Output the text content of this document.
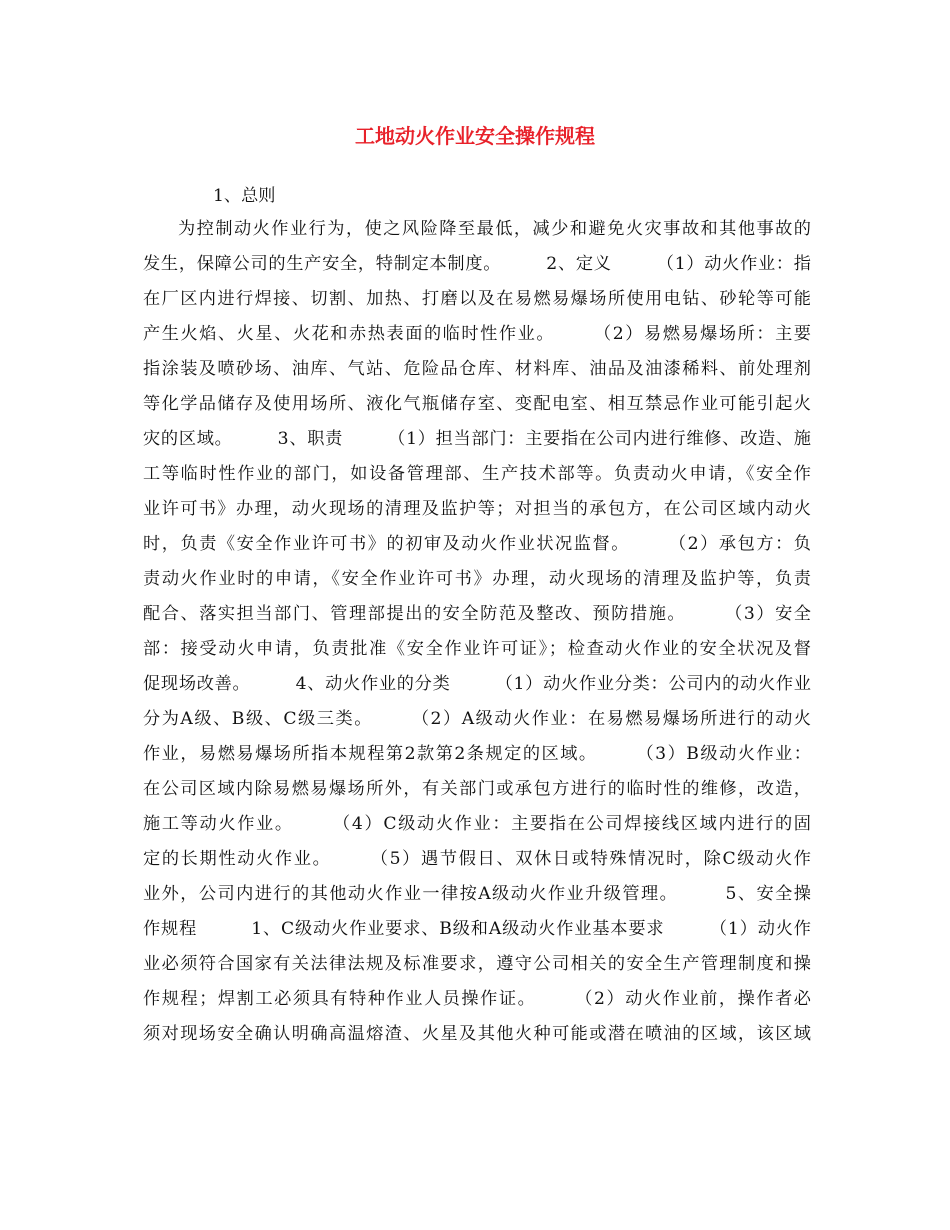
工地动火作业安全操作规程

1、总则

为控制动火作业行为，使之风险降至最低，减少和避免火灾事故和其他事故的

发生，保障公司的生产安全，特制定本制度。　　　2、定义　　　（1）动火作业：指

在厂区内进行焊接、切割、加热、打磨以及在易燃易爆场所使用电钻、砂轮等可能

产生火焰、火星、火花和赤热表面的临时性作业。　　　（2）易燃易爆场所：主要

指涂装及喷砂场、油库、气站、危险品仓库、材料库、油品及油漆稀料、前处理剂

等化学品储存及使用场所、液化气瓶储存室、变配电室、相互禁忌作业可能引起火

灾的区域。　　　3、职责　　　（1）担当部门：主要指在公司内进行维修、改造、施

工等临时性作业的部门，如设备管理部、生产技术部等。负责动火申请，《安全作

业许可书》办理，动火现场的清理及监护等；对担当的承包方，在公司区域内动火

时，负责《安全作业许可书》的初审及动火作业状况监督。　　　（2）承包方：负

责动火作业时的申请，《安全作业许可书》办理，动火现场的清理及监护等，负责

配合、落实担当部门、管理部提出的安全防范及整改、预防措施。　　　（3）安全

部：接受动火申请，负责批准《安全作业许可证》；检查动火作业的安全状况及督

促现场改善。　　　4、动火作业的分类　　　（1）动火作业分类：公司内的动火作业

分为A级、B级、C级三类。　　　（2）A级动火作业：在易燃易爆场所进行的动火

作业，易燃易爆场所指本规程第2款第2条规定的区域。　　　（3）B级动火作业：

在公司区域内除易燃易爆场所外，有关部门或承包方进行的临时性的维修，改造，

施工等动火作业。　　　（4）C级动火作业：主要指在公司焊接线区域内进行的固

定的长期性动火作业。　　　（5）遇节假日、双休日或特殊情况时，除C级动火作

业外，公司内进行的其他动火作业一律按A级动火作业升级管理。　　　5、安全操

作规程　　　1、C级动火作业要求、B级和A级动火作业基本要求　　　（1）动火作

业必须符合国家有关法律法规及标准要求，遵守公司相关的安全生产管理制度和操

作规程；焊割工必须具有特种作业人员操作证。　　　（2）动火作业前，操作者必

须对现场安全确认明确高温熔渣、火星及其他火种可能或潜在喷油的区域，该区域
